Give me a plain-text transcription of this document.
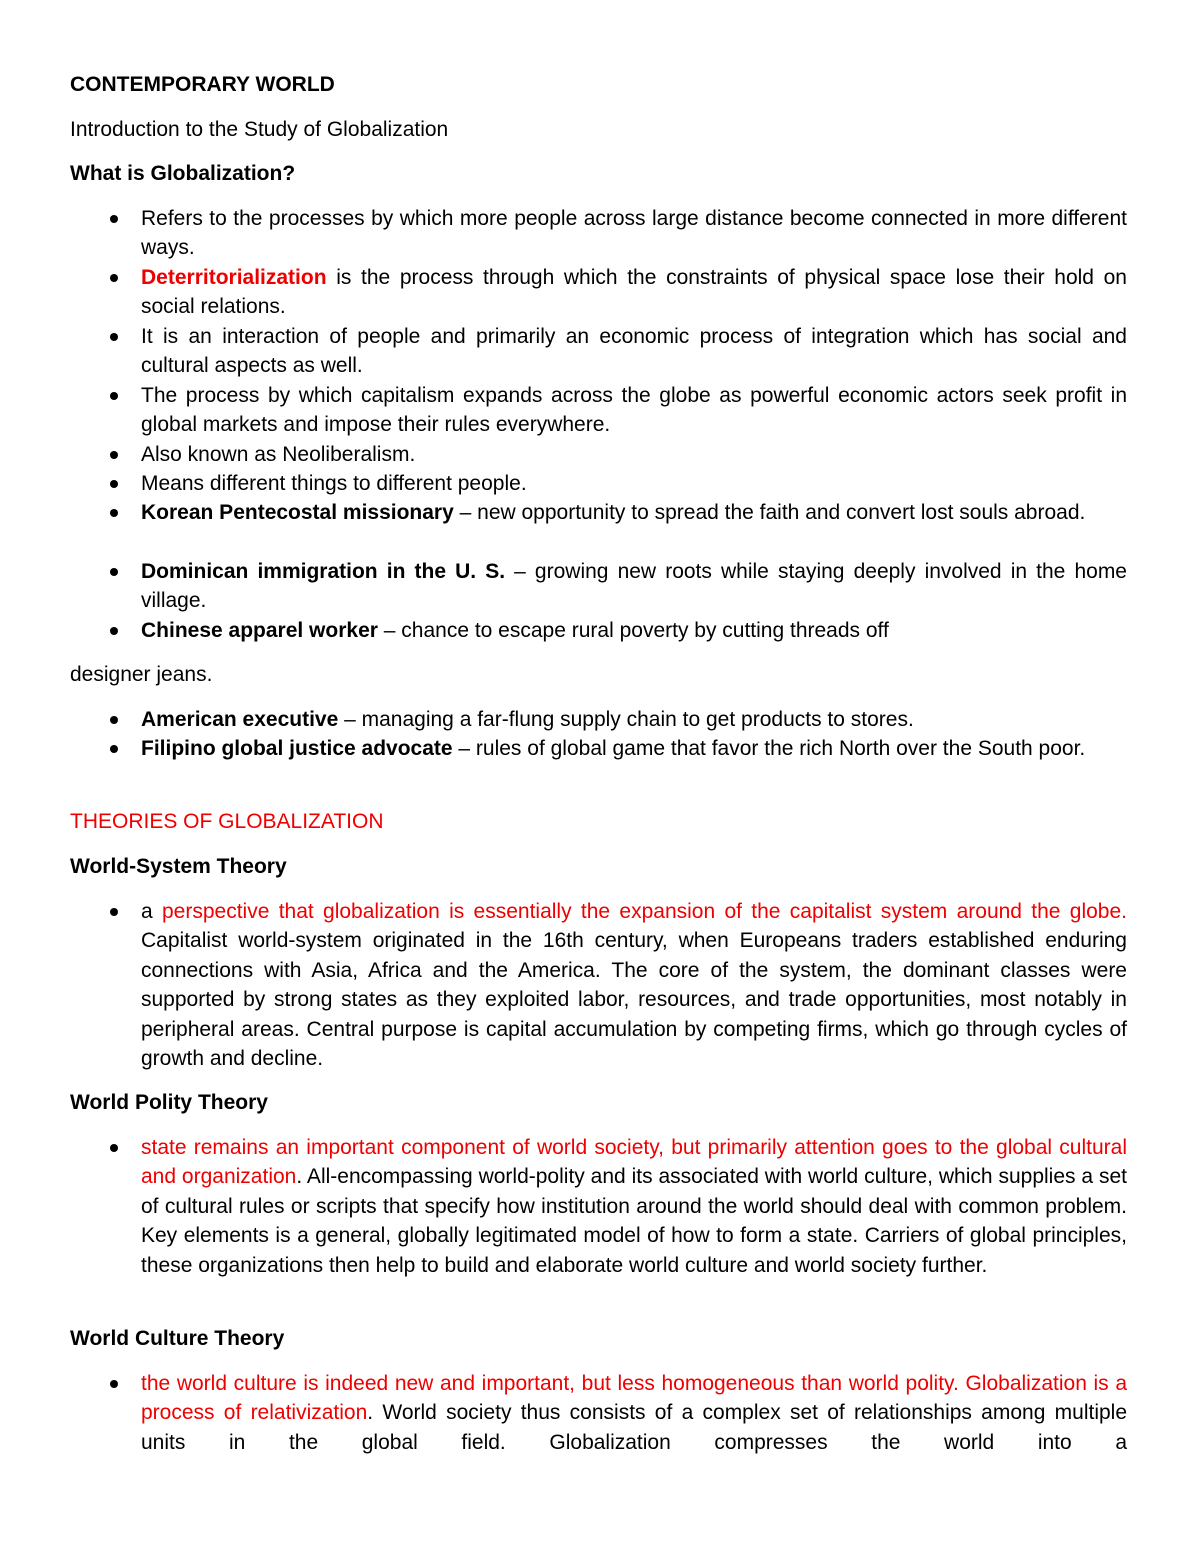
CONTEMPORARY WORLD

Introduction to the Study of Globalization

What is Globalization?

Refers to the processes by which more people across large distance become connected in more different ways.

Deterritorialization is the process through which the constraints of physical space lose their hold on social relations.

It is an interaction of people and primarily an economic process of integration which has social and cultural aspects as well.

The process by which capitalism expands across the globe as powerful economic actors seek profit in global markets and impose their rules everywhere.

Also known as Neoliberalism.

Means different things to different people.

Korean Pentecostal missionary – new opportunity to spread the faith and convert lost souls abroad.

Dominican immigration in the U. S. – growing new roots while staying deeply involved in the home village.

Chinese apparel worker – chance to escape rural poverty by cutting threads off

designer jeans.

American executive – managing a far-flung supply chain to get products to stores.

Filipino global justice advocate – rules of global game that favor the rich North over the South poor.

THEORIES OF GLOBALIZATION

World-System Theory

a perspective that globalization is essentially the expansion of the capitalist system around the globe. Capitalist world-system originated in the 16th century, when Europeans traders established enduring connections with Asia, Africa and the America. The core of the system, the dominant classes were supported by strong states as they exploited labor, resources, and trade opportunities, most notably in peripheral areas. Central purpose is capital accumulation by competing firms, which go through cycles of growth and decline.

World Polity Theory

state remains an important component of world society, but primarily attention goes to the global cultural and organization. All-encompassing world-polity and its associated with world culture, which supplies a set of cultural rules or scripts that specify how institution around the world should deal with common problem. Key elements is a general, globally legitimated model of how to form a state. Carriers of global principles, these organizations then help to build and elaborate world culture and world society further.

World Culture Theory

the world culture is indeed new and important, but less homogeneous than world polity. Globalization is a process of relativization. World society thus consists of a complex set of relationships among multiple units in the global field. Globalization compresses the world into a
